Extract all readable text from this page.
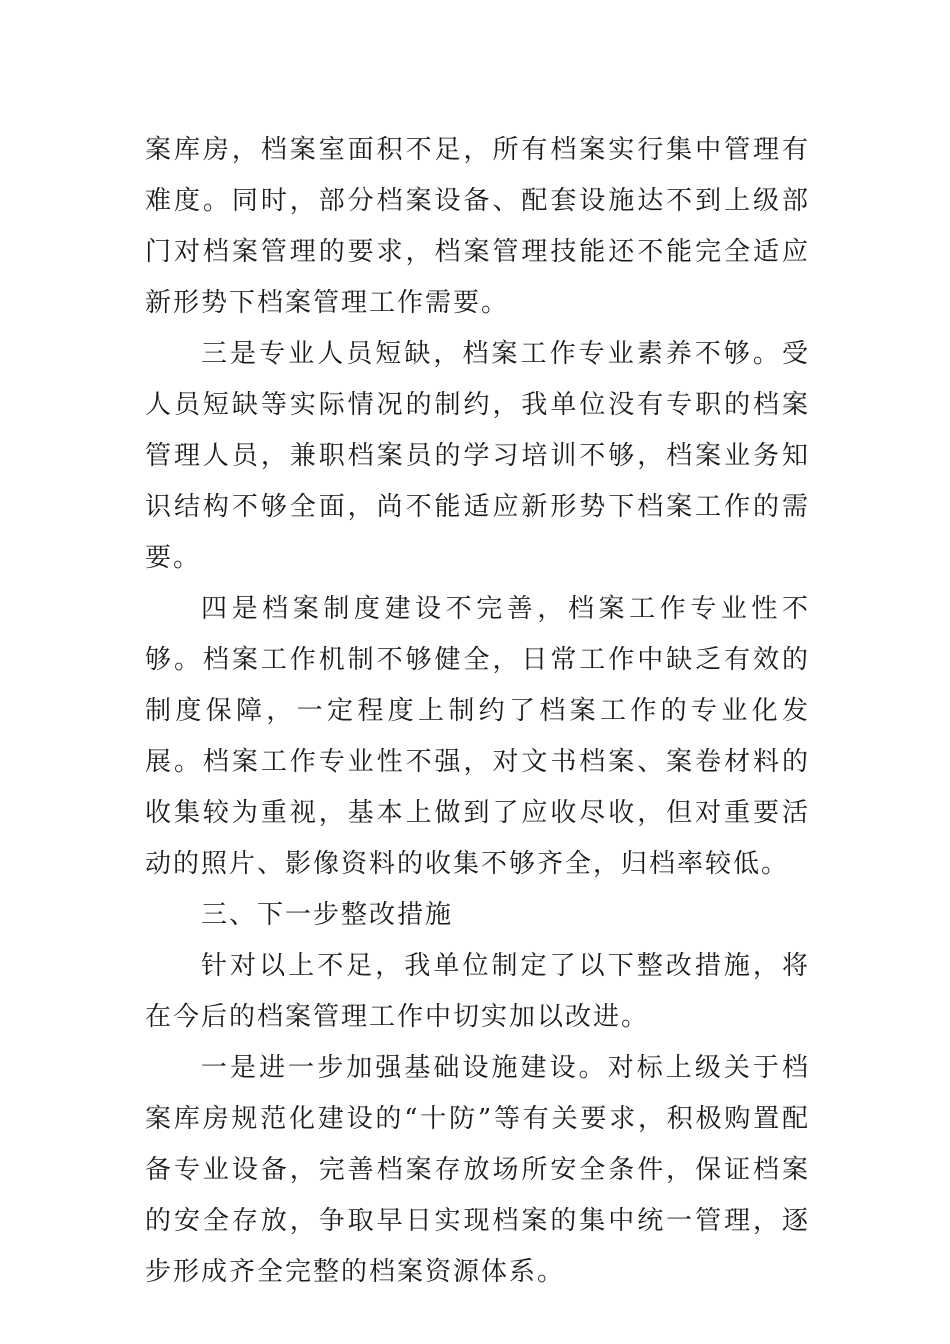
案库房，档案室面积不足，所有档案实行集中管理有难度。同时，部分档案设备、配套设施达不到上级部门对档案管理的要求，档案管理技能还不能完全适应新形势下档案管理工作需要。

三是专业人员短缺，档案工作专业素养不够。受人员短缺等实际情况的制约，我单位没有专职的档案管理人员，兼职档案员的学习培训不够，档案业务知识结构不够全面，尚不能适应新形势下档案工作的需要。

四是档案制度建设不完善，档案工作专业性不够。档案工作机制不够健全，日常工作中缺乏有效的制度保障，一定程度上制约了档案工作的专业化发展。档案工作专业性不强，对文书档案、案卷材料的收集较为重视，基本上做到了应收尽收，但对重要活动的照片、影像资料的收集不够齐全，归档率较低。

三、下一步整改措施

针对以上不足，我单位制定了以下整改措施，将在今后的档案管理工作中切实加以改进。

一是进一步加强基础设施建设。对标上级关于档案库房规范化建设的“十防”等有关要求，积极购置配备专业设备，完善档案存放场所安全条件，保证档案的安全存放，争取早日实现档案的集中统一管理，逐步形成齐全完整的档案资源体系。
